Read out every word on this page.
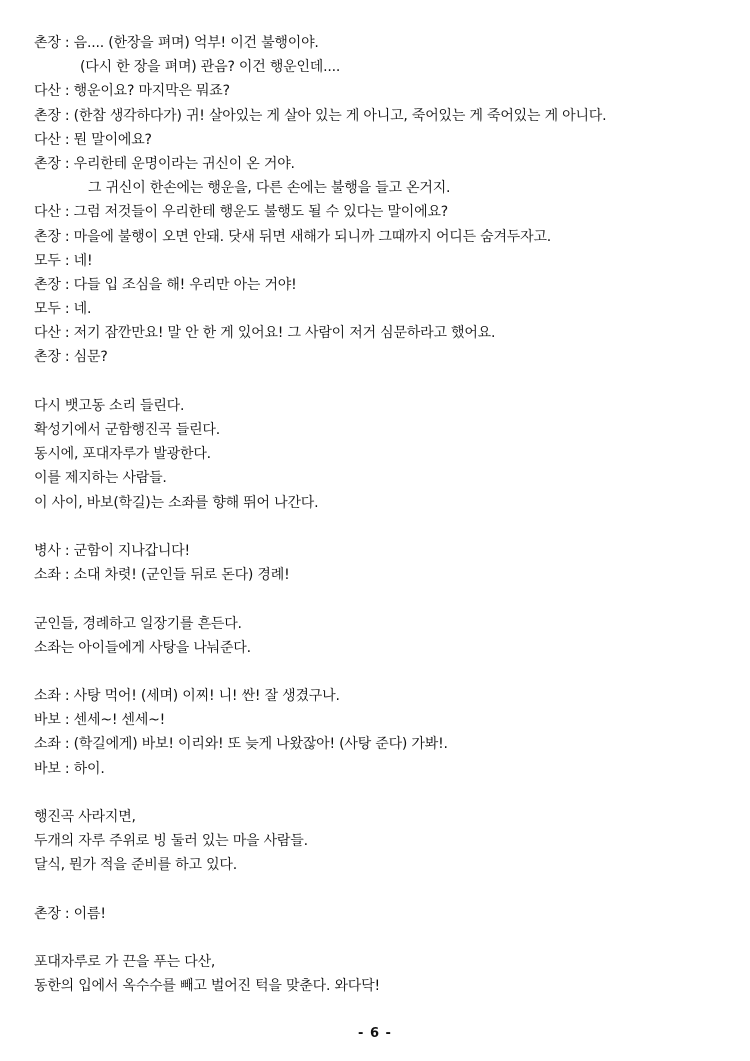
촌장 : 음.... (한장을 펴며) 억부! 이건 불행이야.
(다시 한 장을 펴며) 관음? 이건 행운인데....
다산 : 행운이요? 마지막은 뭐죠?
촌장 : (한참 생각하다가) 귀! 살아있는 게 살아 있는 게 아니고, 죽어있는 게 죽어있는 게 아니다.
다산 : 뭔 말이에요?
촌장 : 우리한테 운명이라는 귀신이 온 거야.
그 귀신이 한손에는 행운을, 다른 손에는 불행을 들고 온거지.
다산 : 그럼 저것들이 우리한테 행운도 불행도 될 수 있다는 말이에요?
촌장 : 마을에 불행이 오면 안돼. 닷새 뒤면 새해가 되니까 그때까지 어디든 숨겨두자고.
모두 : 네!
촌장 : 다들 입 조심을 해! 우리만 아는 거야!
모두 : 네.
다산 : 저기 잠깐만요! 말 안 한 게 있어요! 그 사람이 저거 심문하라고 했어요.
촌장 : 심문?
다시 뱃고동 소리 들린다.
확성기에서 군함행진곡 들린다.
동시에, 포대자루가 발광한다.
이를 제지하는 사람들.
이 사이, 바보(학길)는 소좌를 향해 뛰어 나간다.
병사 : 군함이 지나갑니다!
소좌 : 소대 차렷! (군인들 뒤로 돈다) 경례!
군인들, 경례하고 일장기를 흔든다.
소좌는 아이들에게 사탕을 나눠준다.
소좌 : 사탕 먹어! (세며) 이찌! 니! 싼! 잘 생겼구나.
바보 : 센세~! 센세~!
소좌 : (학길에게) 바보! 이리와! 또 늦게 나왔잖아! (사탕 준다) 가봐!.
바보 : 하이.
행진곡 사라지면,
두개의 자루 주위로 빙 둘러 있는 마을 사람들.
달식, 뭔가 적을 준비를 하고 있다.
촌장 : 이름!
포대자루로 가 끈을 푸는 다산,
동한의 입에서 옥수수를 빼고 벌어진 턱을 맞춘다. 와다닥!
- 6 -
